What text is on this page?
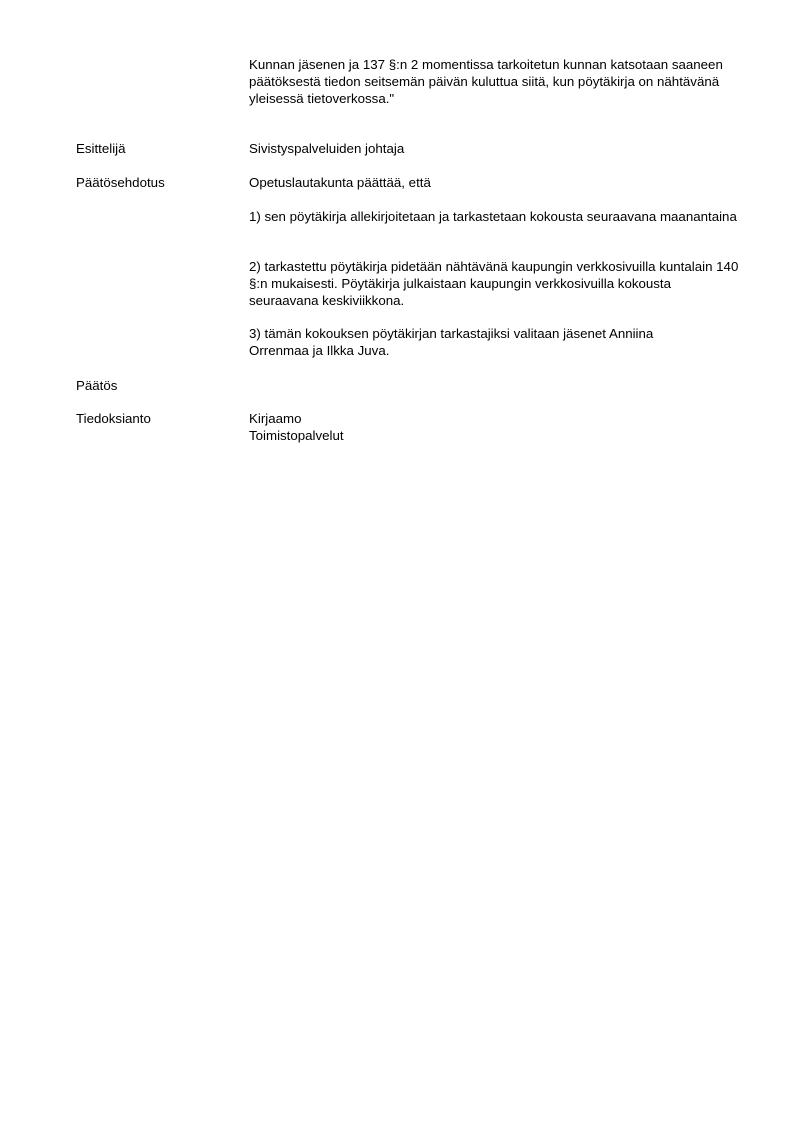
Kunnan jäsenen ja 137 §:n 2 momentissa tarkoitetun kunnan katsotaan saaneen päätöksestä tiedon seitsemän päivän kuluttua siitä, kun pöytäkirja on nähtävänä yleisessä tietoverkossa."

Esittelijä	Sivistyspalveluiden johtaja

Päätösehdotus	Opetuslautakunta päättää, että

1) sen pöytäkirja allekirjoitetaan ja tarkastetaan kokousta seuraavana maanantaina

2) tarkastettu pöytäkirja pidetään nähtävänä kaupungin verkkosivuilla kuntalain 140 §:n mukaisesti. Pöytäkirja julkaistaan kaupungin verkkosivuilla kokousta seuraavana keskiviikkona.

3) tämän kokouksen pöytäkirjan tarkastajiksi valitaan jäsenet Anniina Orrenmaa ja Ilkka Juva.

Päätös

Tiedoksianto	Kirjaamo
Toimistopalvelut
